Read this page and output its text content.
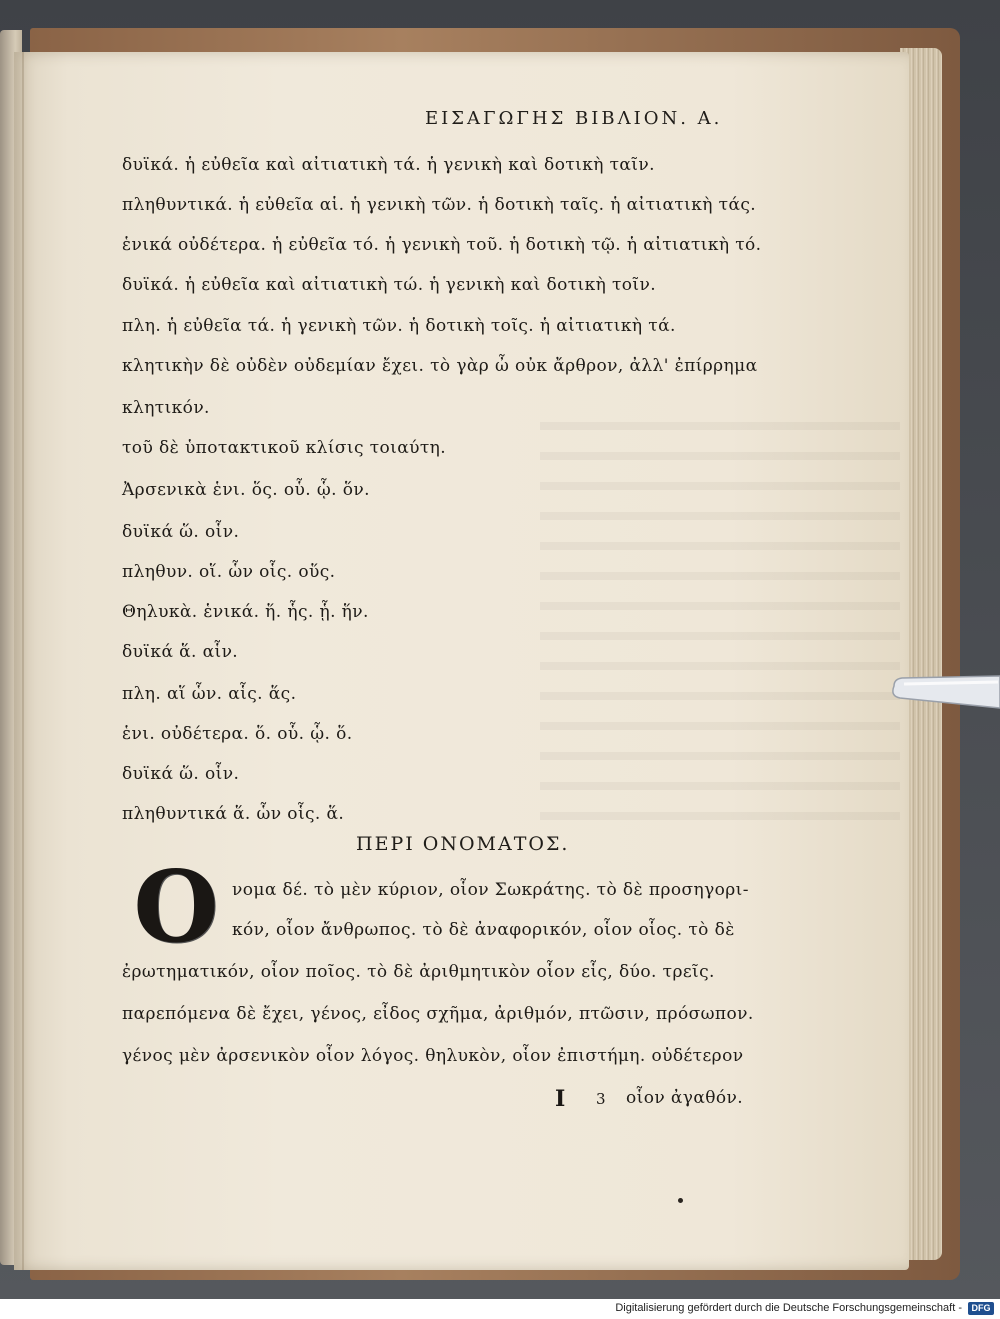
ΕΙΣΑΓΩΓΗΣ ΒΙΒΛΙΟΝ. Α.
δυϊκά. ἡ εὐθεῖα καὶ αἰτιατικὴ τά. ἡ γενικὴ καὶ δοτικὴ ταῖν.
πληθυντικά. ἡ εὐθεῖα αἱ. ἡ γενικὴ τῶν. ἡ δοτικὴ ταῖς. ἡ αἰτιατικὴ τάς.
ἑνικά οὐδέτερα. ἡ εὐθεῖα τό. ἡ γενικὴ τοῦ. ἡ δοτικὴ τῷ. ἡ αἰτιατικὴ τό.
δυϊκά. ἡ εὐθεῖα καὶ αἰτιατικὴ τώ. ἡ γενικὴ καὶ δοτικὴ τοῖν.
πλη. ἡ εὐθεῖα τά. ἡ γενικὴ τῶν. ἡ δοτικὴ τοῖς. ἡ αἰτιατικὴ τά.
κλητικὴν δὲ οὐδὲν οὐδεμίαν ἔχει. τὸ γὰρ ὦ οὐκ ἄρθρον, ἀλλ' ἐπίρρημα
κλητικόν.
τοῦ δὲ ὑποτακτικοῦ κλίσις τοιαύτη.
Ἀρσενικὰ ἑνι. ὅς. οὗ. ᾧ. ὅν.
δυϊκά ὥ. οἷν.
πληθυν. οἵ. ὧν οἷς. οὕς.
Θηλυκὰ. ἑνικά. ἥ. ἧς. ᾗ. ἥν.
δυϊκά ἅ. αἷν.
πλη. αἵ ὧν. αἷς. ἅς.
ἑνι. οὐδέτερα. ὅ. οὗ. ᾧ. ὅ.
δυϊκά ὥ. οἷν.
πληθυντικά ἅ. ὧν οἷς. ἅ.
ΠΕΡΙ ΟΝΟΜΑΤΟΣ.
Ο νομα δέ. τὸ μὲν κύριον, οἷον Σωκράτης. τὸ δὲ προσηγορι-
κόν, οἷον ἄνθρωπος. τὸ δὲ ἀναφορικόν, οἷον οἷος. τὸ δὲ
ἐρωτηματικόν, οἷον ποῖος. τὸ δὲ ἀριθμητικὸν οἷον εἷς, δύο. τρεῖς.
παρεπόμενα δὲ ἔχει, γένος, εἶδος σχῆμα, ἀριθμόν, πτῶσιν, πρόσωπον.
γένος μὲν ἀρσενικὸν οἷον λόγος. θηλυκὸν, οἷον ἐπιστήμη. οὐδέτερον
I 3 οἷον ἀγαθόν.
Digitalisierung gefördert durch die Deutsche Forschungsgemeinschaft -	DFG
